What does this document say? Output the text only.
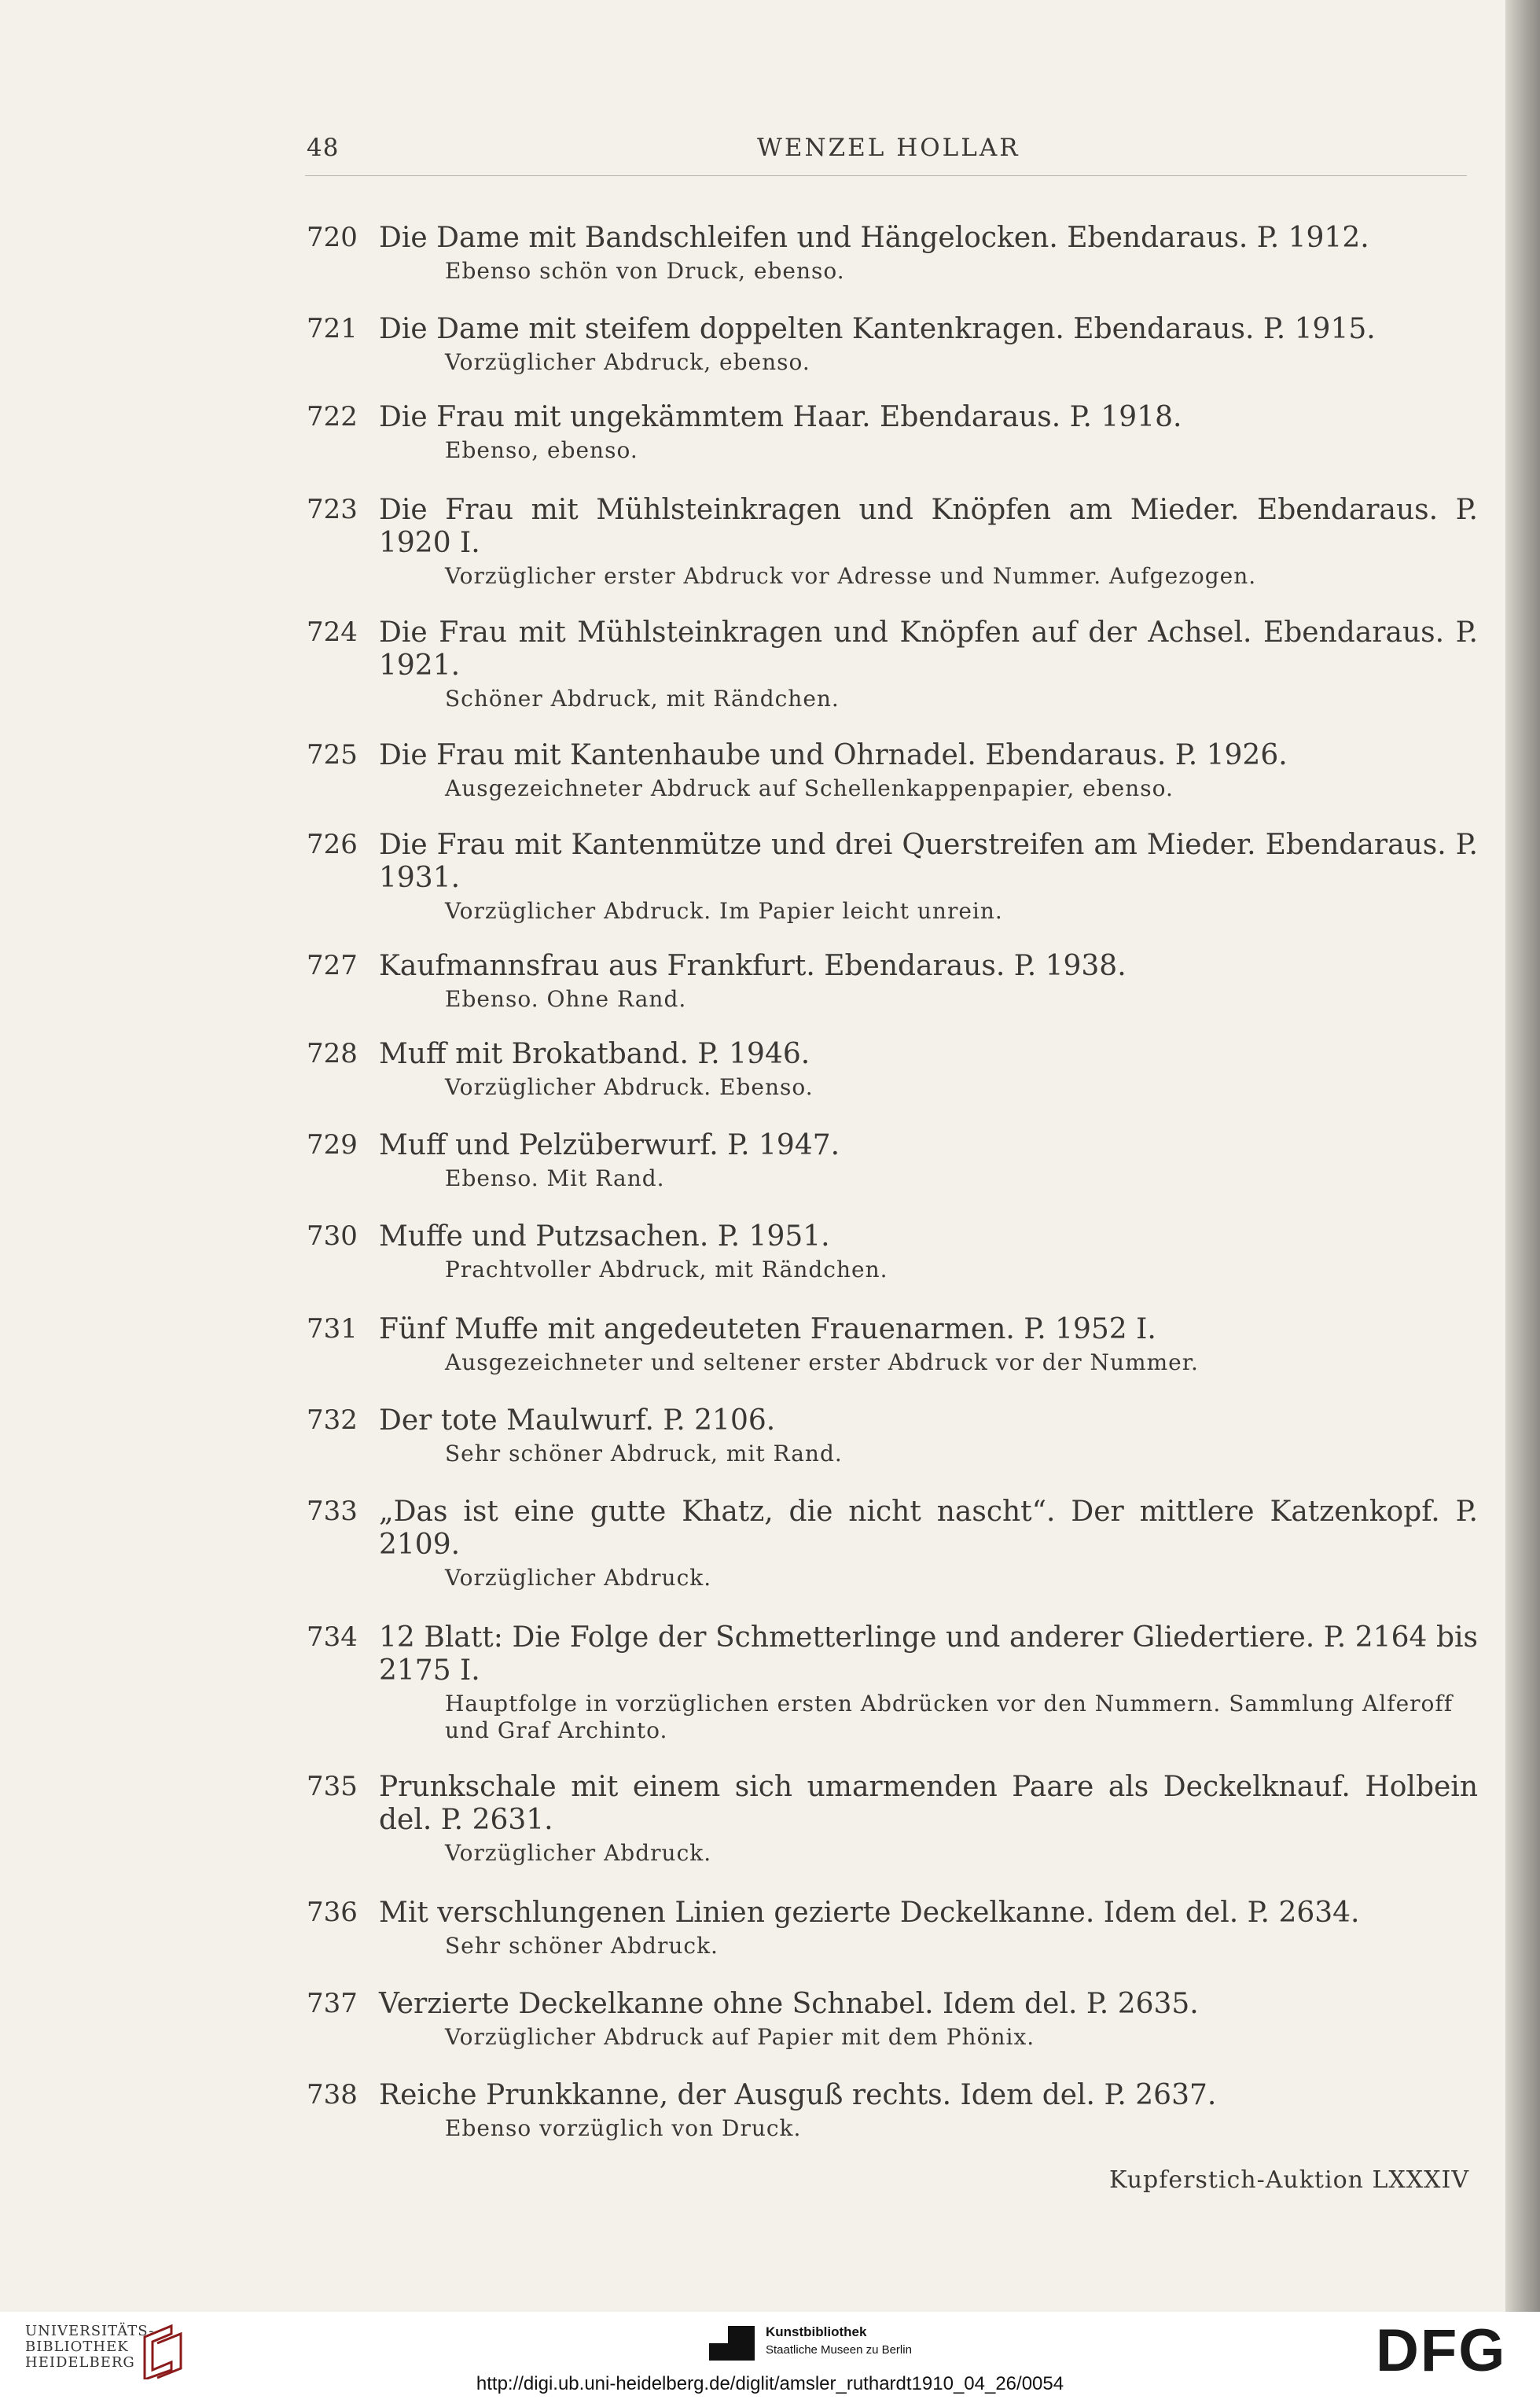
48	WENZEL HOLLAR
720 Die Dame mit Bandschleifen und Hängelocken. Ebendaraus. P. 1912.
Ebenso schön von Druck, ebenso.
721 Die Dame mit steifem doppelten Kantenkragen. Ebendaraus. P. 1915.
Vorzüglicher Abdruck, ebenso.
722 Die Frau mit ungekämmtem Haar. Ebendaraus. P. 1918.
Ebenso, ebenso.
723 Die Frau mit Mühlsteinkragen und Knöpfen am Mieder. Ebendaraus. P. 1920 I.
Vorzüglicher erster Abdruck vor Adresse und Nummer. Aufgezogen.
724 Die Frau mit Mühlsteinkragen und Knöpfen auf der Achsel. Ebendaraus. P. 1921.
Schöner Abdruck, mit Rändchen.
725 Die Frau mit Kantenhaube und Ohrnadel. Ebendaraus. P. 1926.
Ausgezeichneter Abdruck auf Schellenkappenpapier, ebenso.
726 Die Frau mit Kantenmütze und drei Querstreifen am Mieder. Ebendaraus. P. 1931.
Vorzüglicher Abdruck. Im Papier leicht unrein.
727 Kaufmannsfrau aus Frankfurt. Ebendaraus. P. 1938.
Ebenso. Ohne Rand.
728 Muff mit Brokatband. P. 1946.
Vorzüglicher Abdruck. Ebenso.
729 Muff und Pelzüberwurf. P. 1947.
Ebenso. Mit Rand.
730 Muffe und Putzsachen. P. 1951.
Prachtvoller Abdruck, mit Rändchen.
731 Fünf Muffe mit angedeuteten Frauenarmen. P. 1952 I.
Ausgezeichneter und seltener erster Abdruck vor der Nummer.
732 Der tote Maulwurf. P. 2106.
Sehr schöner Abdruck, mit Rand.
733 „Das ist eine gutte Khatz, die nicht nascht“. Der mittlere Katzenkopf. P. 2109.
Vorzüglicher Abdruck.
734 12 Blatt: Die Folge der Schmetterlinge und anderer Gliedertiere. P. 2164 bis 2175 I.
Hauptfolge in vorzüglichen ersten Abdrücken vor den Nummern. Sammlung Alferoff und Graf Archinto.
735 Prunkschale mit einem sich umarmenden Paare als Deckelknauf. Holbein del. P. 2631.
Vorzüglicher Abdruck.
736 Mit verschlungenen Linien gezierte Deckelkanne. Idem del. P. 2634.
Sehr schöner Abdruck.
737 Verzierte Deckelkanne ohne Schnabel. Idem del. P. 2635.
Vorzüglicher Abdruck auf Papier mit dem Phönix.
738 Reiche Prunkkanne, der Ausguß rechts. Idem del. P. 2637.
Ebenso vorzüglich von Druck.
Kupferstich-Auktion LXXXIV
UNIVERSITÄTS-
BIBLIOTHEK
HEIDELBERG
Kunstbibliothek
Staatliche Museen zu Berlin	DFG
http://digi.ub.uni-heidelberg.de/diglit/amsler_ruthardt1910_04_26/0054
